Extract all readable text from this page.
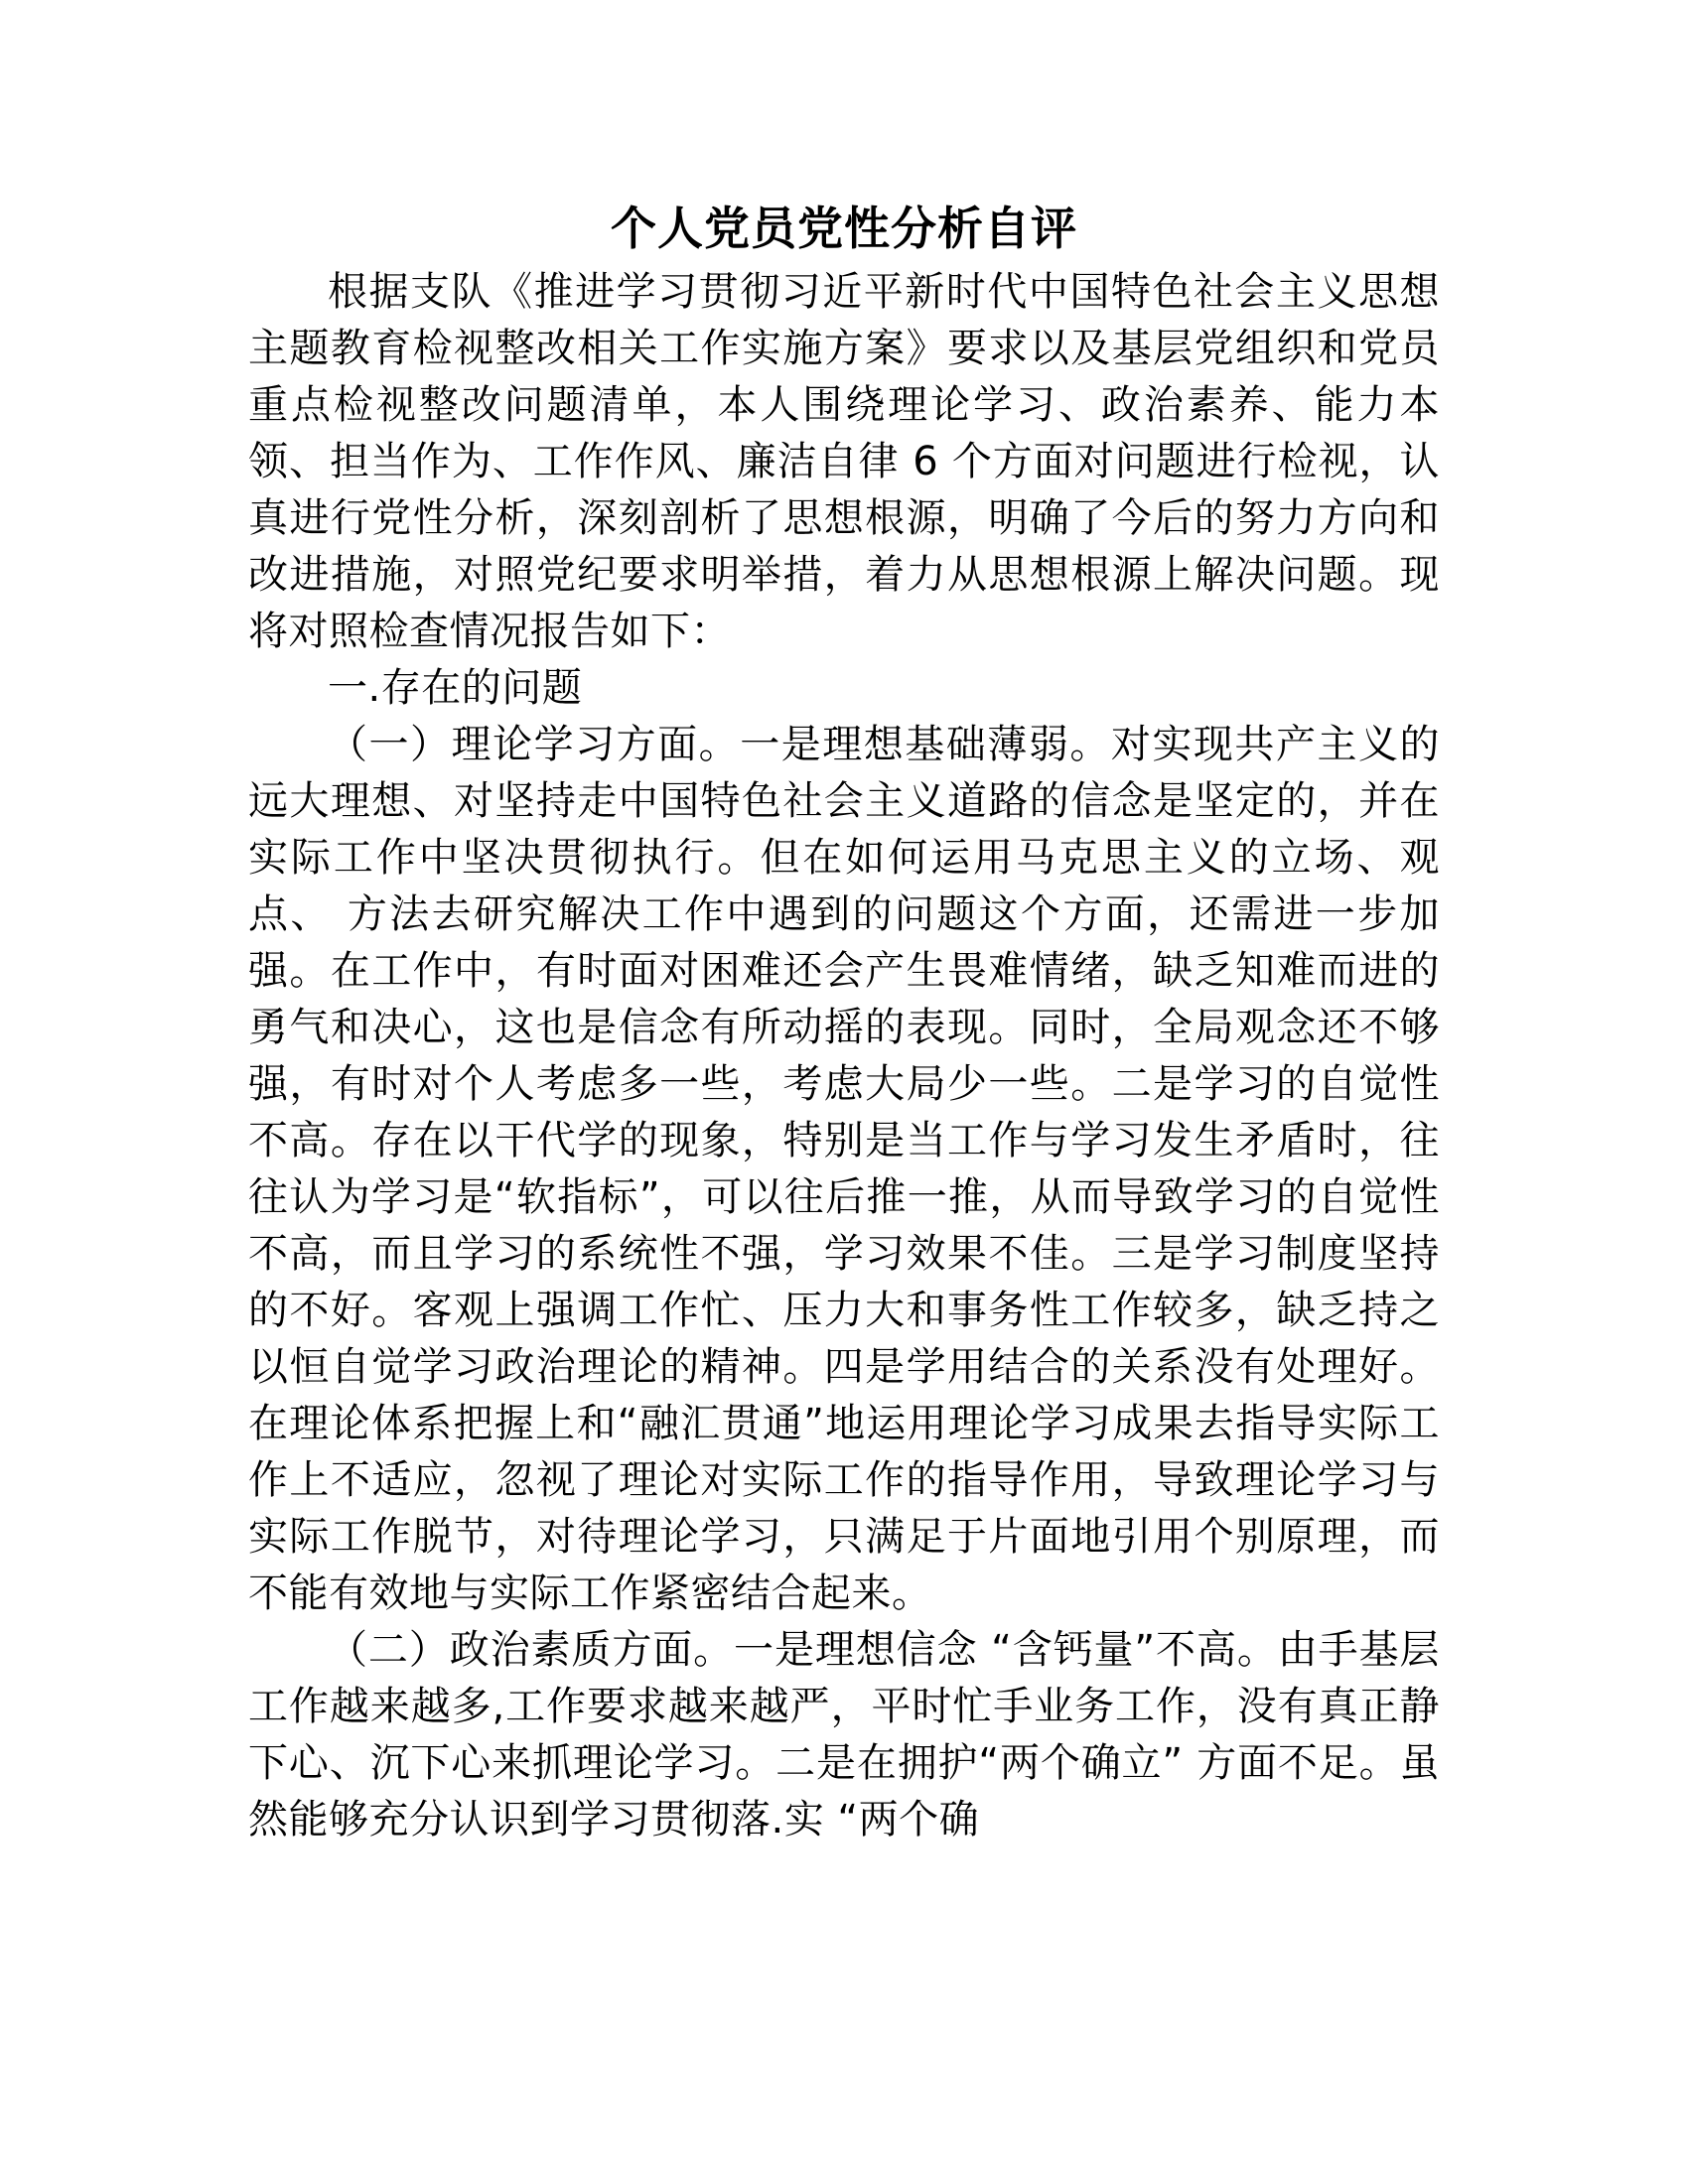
个人党员党性分析自评

根据支队《推进学习贯彻习近平新时代中国特色社会主义思想主题教育检视整改相关工作实施方案》要求以及基层党组织和党员重点检视整改问题清单，本人围绕理论学习、政治素养、能力本领、担当作为、工作作风、廉洁自律 6 个方面对问题进行检视，认真进行党性分析，深刻剖析了思想根源，明确了今后的努力方向和改进措施，对照党纪要求明举措，着力从思想根源上解决问题。现将对照检查情况报告如下：

一.存在的问题

（一）理论学习方面。一是理想基础薄弱。对实现共产主义的远大理想、对坚持走中国特色社会主义道路的信念是坚定的，并在实际工作中坚决贯彻执行。但在如何运用马克思主义的立场、观点、 方法去研究解决工作中遇到的问题这个方面，还需进一步加强。在工作中，有时面对困难还会产生畏难情绪，缺乏知难而进的勇气和决心，这也是信念有所动摇的表现。同时，全局观念还不够强，有时对个人考虑多一些，考虑大局少一些。二是学习的自觉性不高。存在以干代学的现象，特别是当工作与学习发生矛盾时，往往认为学习是“软指标”，可以往后推一推，从而导致学习的自觉性不高，而且学习的系统性不强，学习效果不佳。三是学习制度坚持的不好。客观上强调工作忙、压力大和事务性工作较多，缺乏持之以恒自觉学习政治理论的精神。四是学用结合的关系没有处理好。在理论体系把握上和“融汇贯通”地运用理论学习成果去指导实际工作上不适应，忽视了理论对实际工作的指导作用，导致理论学习与实际工作脱节，对待理论学习，只满足于片面地引用个别原理，而不能有效地与实际工作紧密结合起来。

（二）政治素质方面。一是理想信念 “含钙量”不高。由手基层工作越来越多,工作要求越来越严，平时忙手业务工作，没有真正静下心、沉下心来抓理论学习。二是在拥护“两个确立” 方面不足。虽然能够充分认识到学习贯彻落.实 “两个确
